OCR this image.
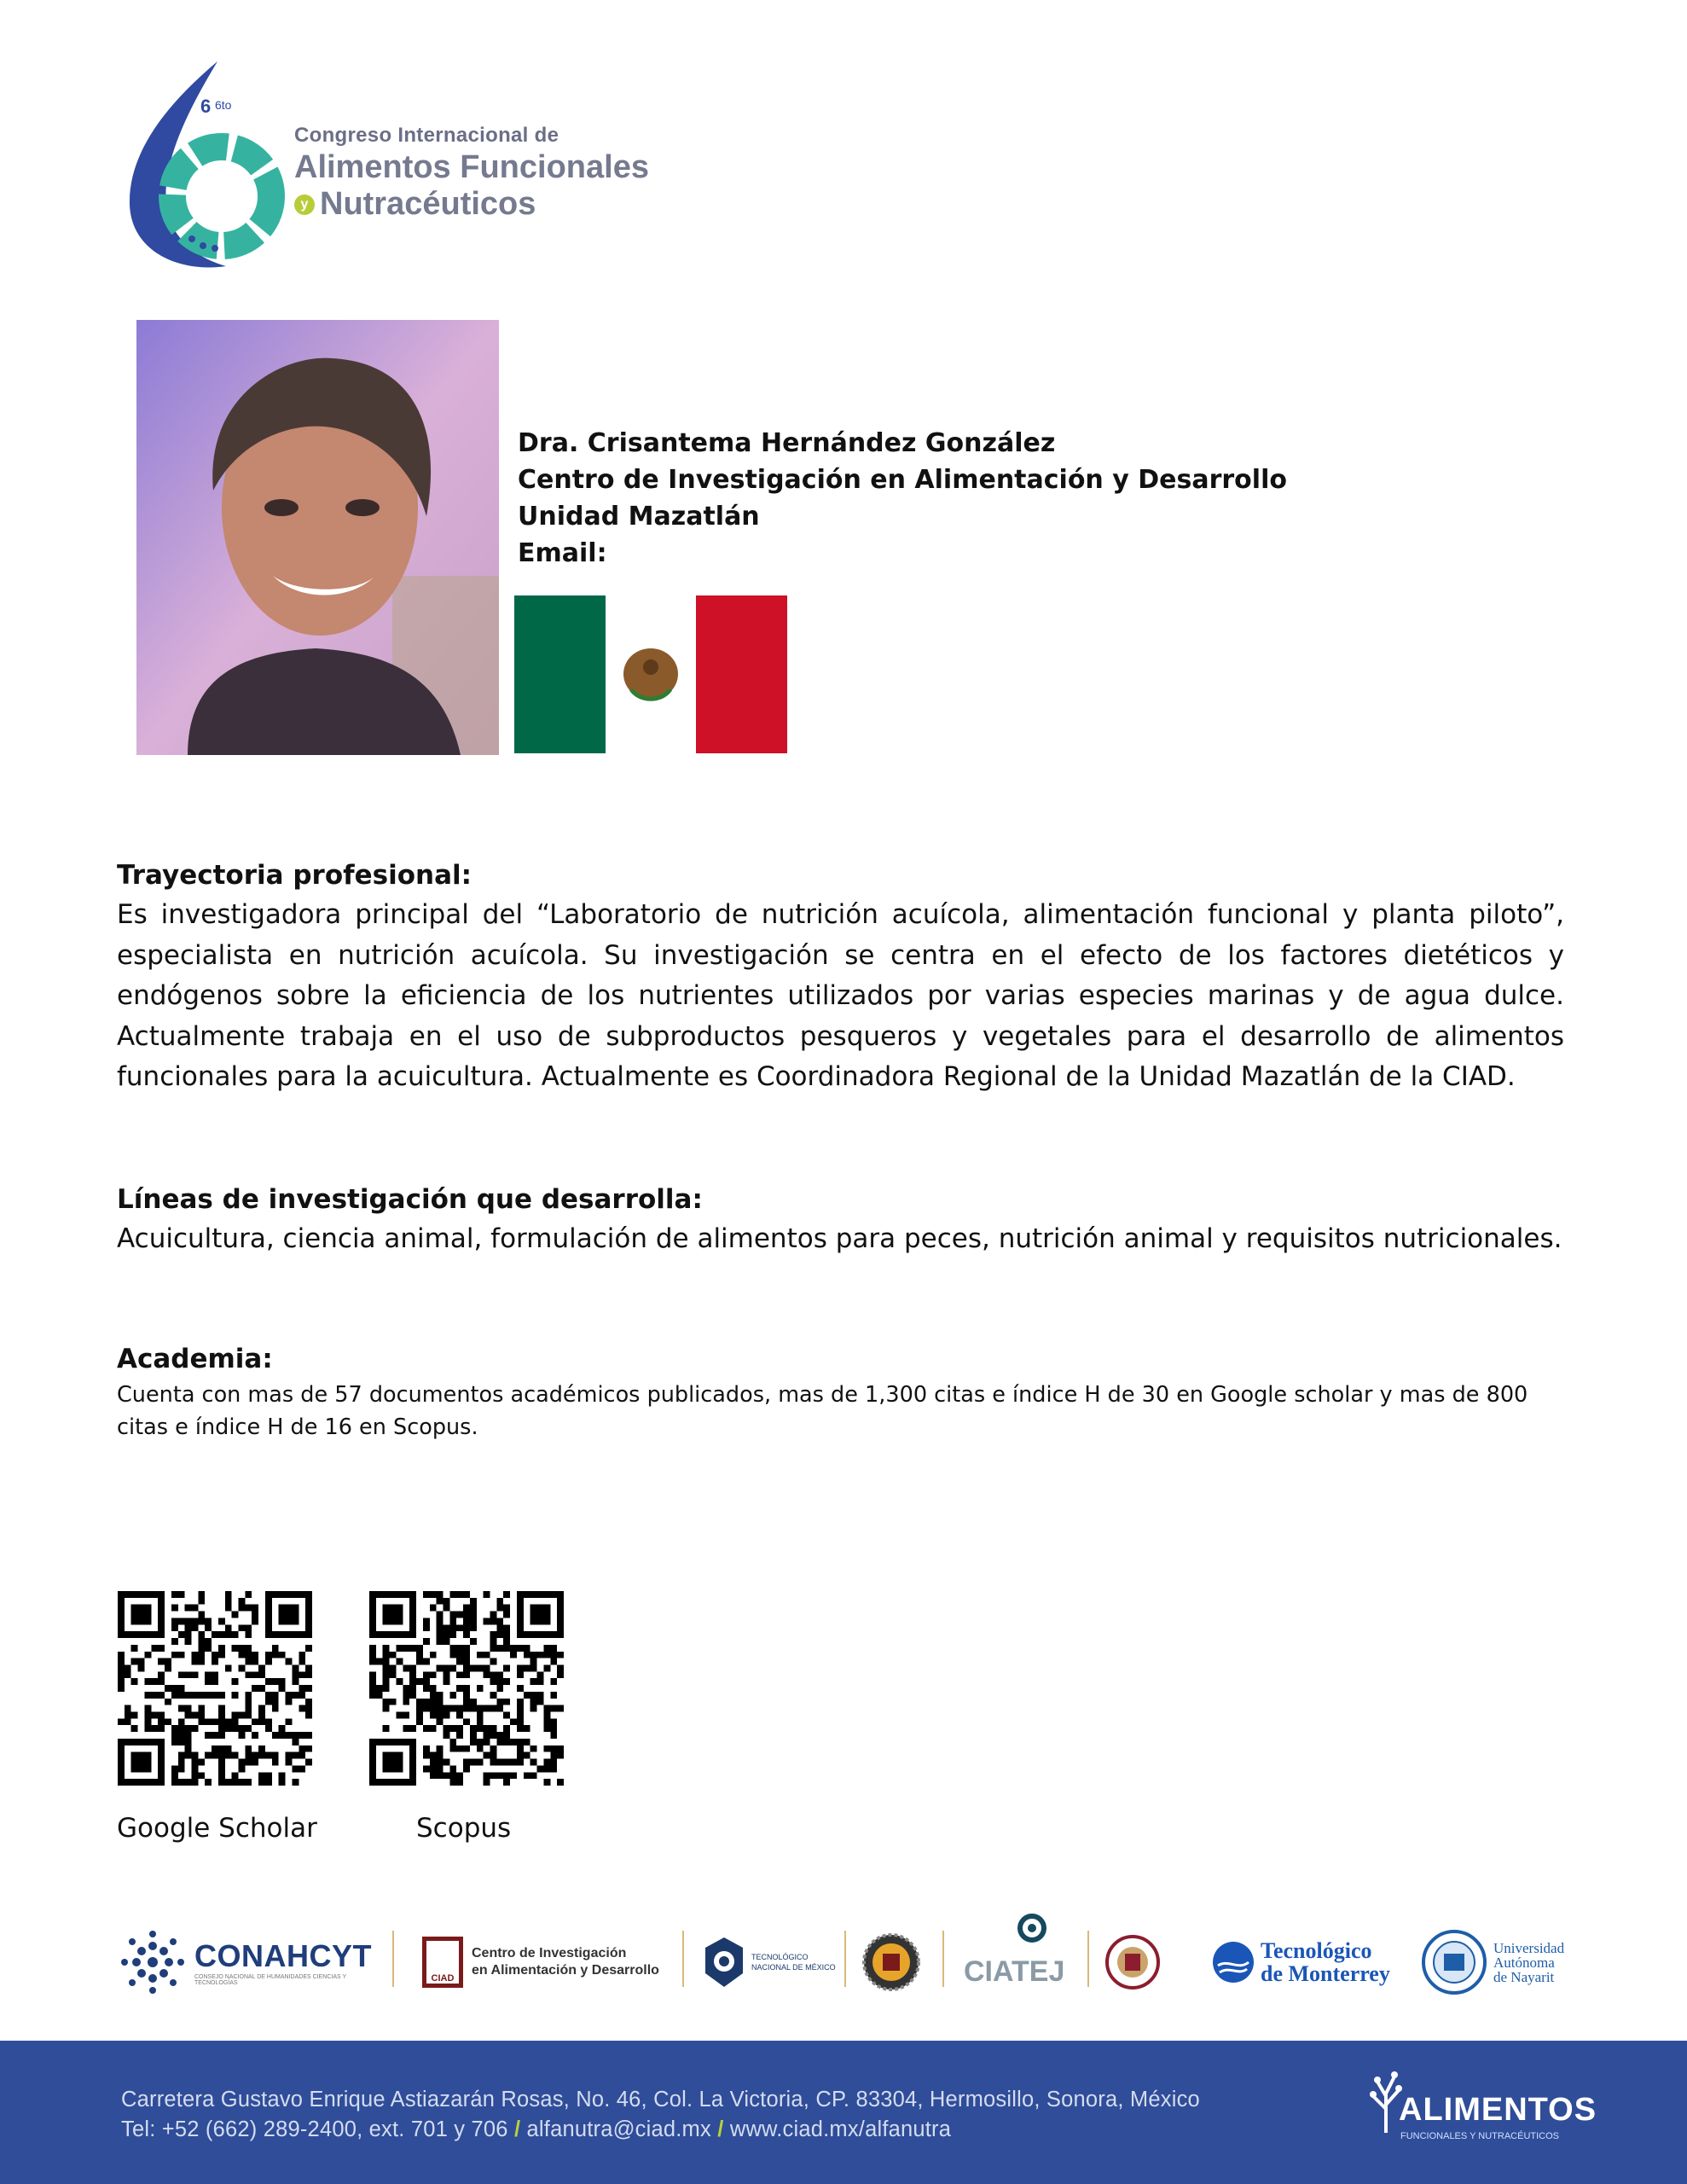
6 6to
Congreso Internacional de
Alimentos Funcionales
y Nutracéuticos
Dra. Crisantema Hernández González
Centro de Investigación en Alimentación y Desarrollo
Unidad Mazatlán
Email:
Trayectoria profesional:

Es investigadora principal del “Laboratorio de nutrición acuícola, alimentación funcional y planta piloto”, especialista en nutrición acuícola. Su investigación se centra en el efecto de los factores dietéticos y endógenos sobre la eficiencia de los nutrientes utilizados por varias especies marinas y de agua dulce. Actualmente trabaja en el uso de subproductos pesqueros y vegetales para el desarrollo de alimentos funcionales para la acuicultura. Actualmente es Coordinadora Regional de la Unidad Mazatlán de la CIAD.

Líneas de investigación que desarrolla:

Acuicultura, ciencia animal, formulación de alimentos para peces, nutrición animal y requisitos nutricionales.

Academia:

Cuenta con mas de 57 documentos académicos publicados, mas de 1,300 citas e índice H de 30 en Google scholar y mas de 800 citas e índice H de 16 en Scopus.

Google Scholar	Scopus
CONAHCYT
CONSEJO NACIONAL DE HUMANIDADES CIENCIAS Y TECNOLOGÍAS	CIAD
Centro de Investigación
en Alimentación y Desarrollo
TECNOLÓGICO
NACIONAL DE MÉXICO	CIATEJ
Tecnológico
de Monterrey
Universidad
Autónoma
de Nayarit
Carretera Gustavo Enrique Astiazarán Rosas, No. 46, Col. La Victoria, CP. 83304, Hermosillo, Sonora, México
Tel: +52 (662) 289-2400, ext. 701 y 706 / alfanutra@ciad.mx / www.ciad.mx/alfanutra
ALIMENTOS
FUNCIONALES Y NUTRACÉUTICOS
